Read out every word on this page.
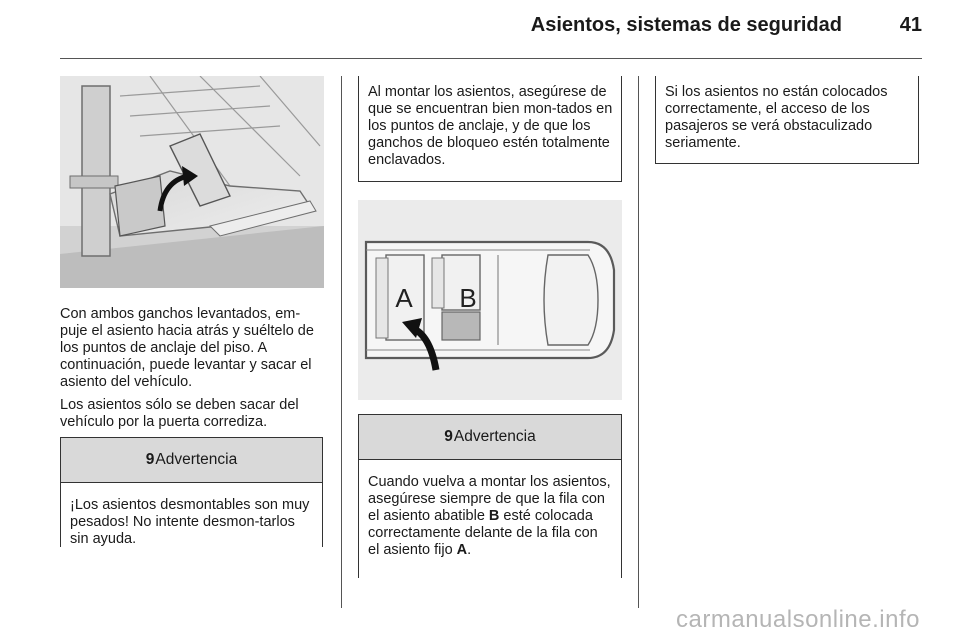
Asientos, sistemas de seguridad	41

Con ambos ganchos levantados, em-puje el asiento hacia atrás y suéltelo de los puntos de anclaje del piso. A continuación, puede levantar y sacar el asiento del vehículo.

Los asientos sólo se deben sacar del vehículo por la puerta corrediza.

9 Advertencia
¡Los asientos desmontables son muy pesados! No intente desmon-tarlos sin ayuda.
Al montar los asientos, asegúrese de que se encuentran bien mon-tados en los puntos de anclaje, y de que los ganchos de bloqueo estén totalmente enclavados.
A B
9 Advertencia
Cuando vuelva a montar los asientos, asegúrese siempre de que la fila con el asiento abatible B esté colocada correctamente delante de la fila con el asiento fijo A.
Si los asientos no están colocados correctamente, el acceso de los pasajeros se verá obstaculizado seriamente.
carmanualsonline.info
